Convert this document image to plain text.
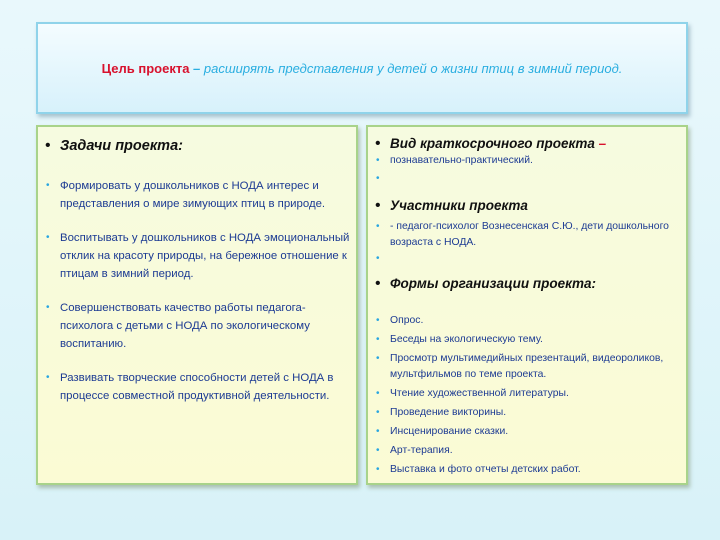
Цель проекта – расширять представления у детей о жизни птиц в зимний период.
• Задачи проекта:
• Формировать у дошкольников с НОДА интерес и представления о мире зимующих птиц в природе.
• Воспитывать у дошкольников с НОДА эмоциональный отклик на красоту природы, на бережное отношение к птицам в зимний период.
• Совершенствовать качество работы педагога-психолога с детьми с НОДА по экологическому воспитанию.
• Развивать творческие способности детей с НОДА в процессе совместной продуктивной деятельности.
• Вид краткосрочного проекта –
• познавательно-практический.
•
• Участники проекта
• - педагог-психолог Вознесенская С.Ю., дети дошкольного возраста с НОДА.
•
• Формы организации проекта:
• Опрос.
• Беседы на экологическую тему.
• Просмотр мультимедийных презентаций, видеороликов, мультфильмов по теме проекта.
• Чтение художественной литературы.
• Проведение викторины.
• Инсценирование сказки.
• Арт-терапия.
• Выставка и фото отчеты детских работ.
